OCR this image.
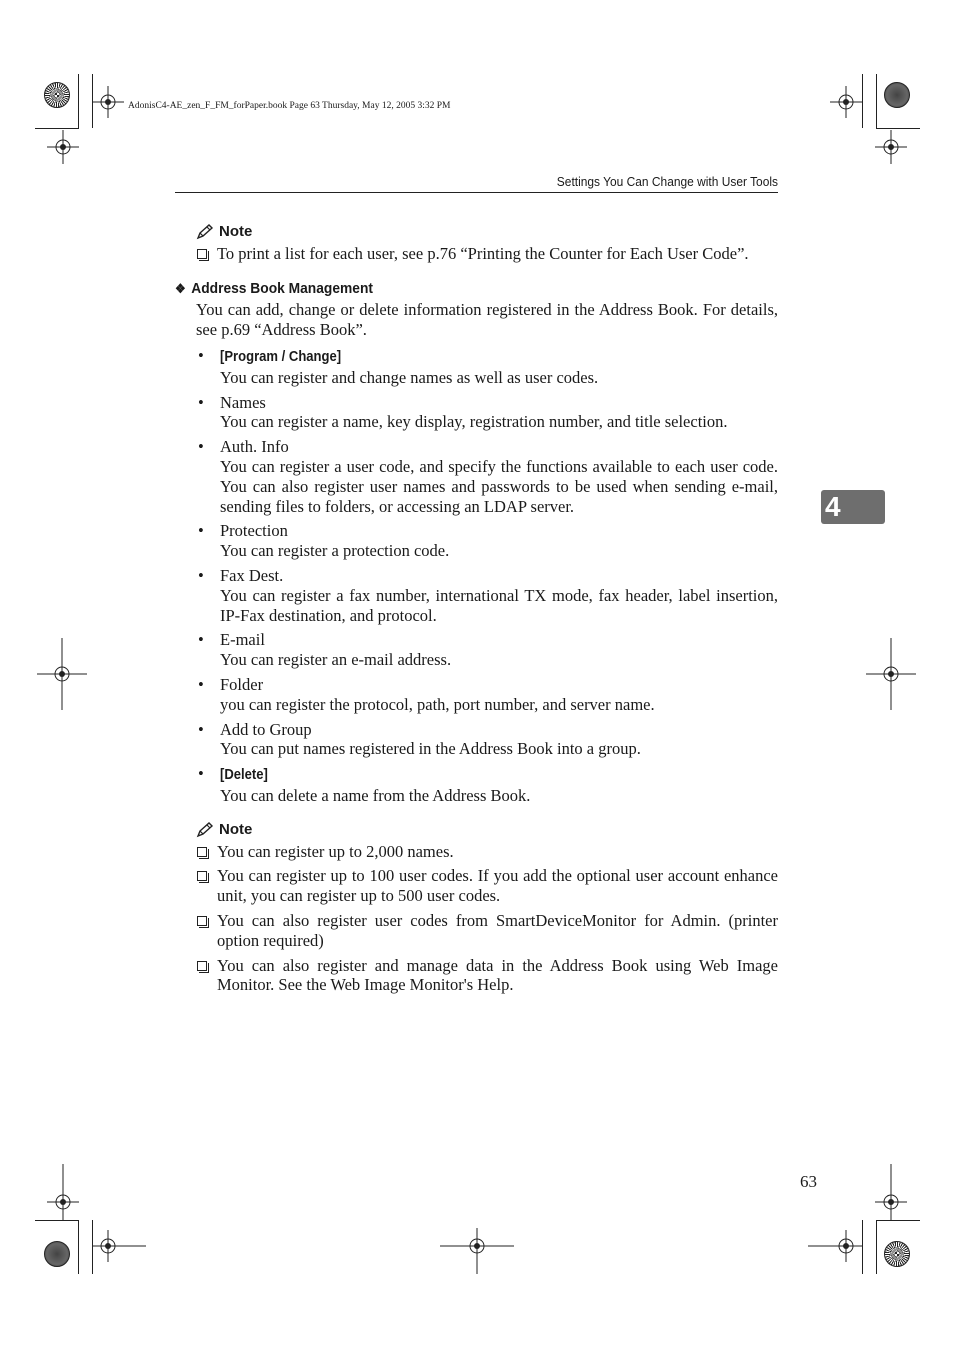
AdonisC4-AE_zen_F_FM_forPaper.book Page 63 Thursday, May 12, 2005 3:32 PM
Settings You Can Change with User Tools
4
Note
To print a list for each user, see p.76 “Printing the Counter for Each User Code”.
❖ Address Book Management
You can add, change or delete information registered in the Address Book. For details, see p.69 “Address Book”.
•	[Program / Change]
You can register and change names as well as user codes.
• Names
You can register a name, key display, registration number, and title selection.
• Auth. Info
You can register a user code, and specify the functions available to each user code. You can also register user names and passwords to be used when sending e-mail, sending files to folders, or accessing an LDAP server.
• Protection
You can register a protection code.
• Fax Dest.
You can register a fax number, international TX mode, fax header, label insertion, IP-Fax destination, and protocol.
• E-mail
You can register an e-mail address.
• Folder
you can register the protocol, path, port number, and server name.
• Add to Group
You can put names registered in the Address Book into a group.
•	[Delete]
You can delete a name from the Address Book.
Note
You can register up to 2,000 names.
You can register up to 100 user codes. If you add the optional user account enhance unit, you can register up to 500 user codes.
You can also register user codes from SmartDeviceMonitor for Admin. (printer option required)
You can also register and manage data in the Address Book using Web Image Monitor. See the Web Image Monitor's Help.
63
